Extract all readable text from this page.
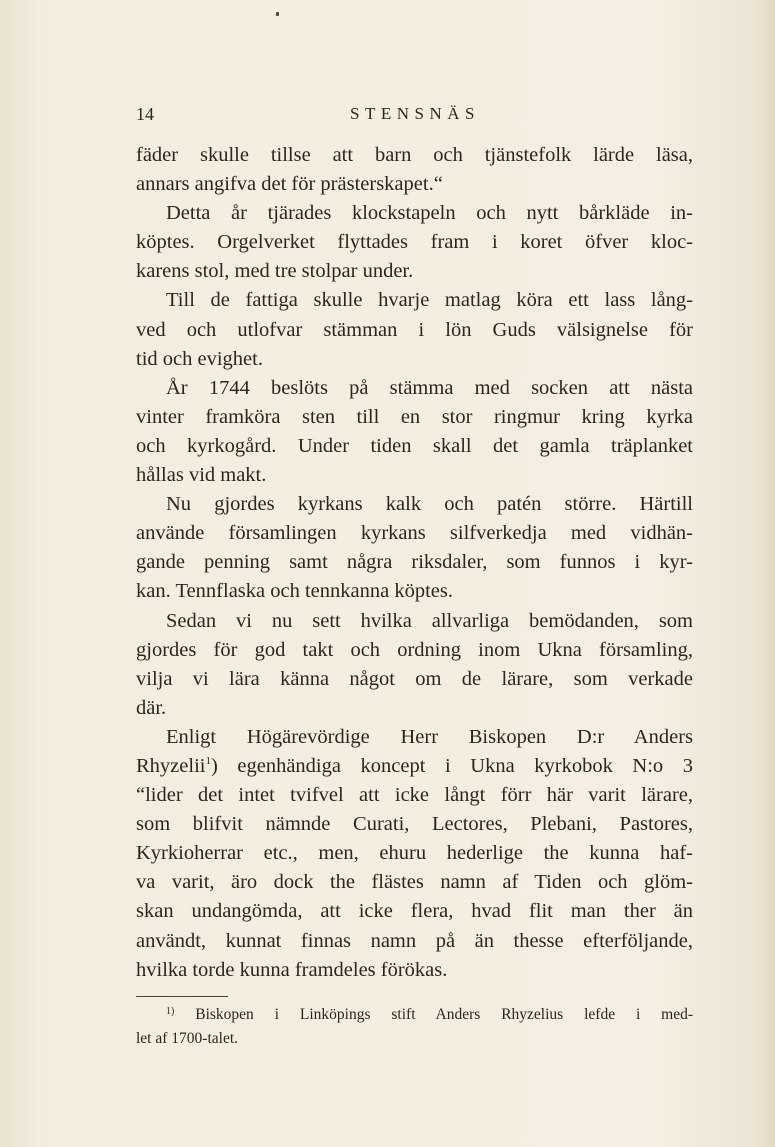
14	STENSNÄS

fäder skulle tillse att barn och tjänstefolk lärde läsa,
annars angifva det för prästerskapet.“

Detta år tjärades klockstapeln och nytt bårkläde in-
köptes. Orgelverket flyttades fram i koret öfver kloc-
karens stol, med tre stolpar under.

Till de fattiga skulle hvarje matlag köra ett lass lång-
ved och utlofvar stämman i lön Guds välsignelse för
tid och evighet.

År 1744 beslöts på stämma med socken att nästa
vinter framköra sten till en stor ringmur kring kyrka
och kyrkogård. Under tiden skall det gamla träplanket
hållas vid makt.

Nu gjordes kyrkans kalk och patén större. Härtill
använde församlingen kyrkans silfverkedja med vidhän-
gande penning samt några riksdaler, som funnos i kyr-
kan. Tennflaska och tennkanna köptes.

Sedan vi nu sett hvilka allvarliga bemödanden, som
gjordes för god takt och ordning inom Ukna församling,
vilja vi lära känna något om de lärare, som verkade
där.

Enligt Högärevördige Herr Biskopen D:r Anders
Rhyzelii$^1$) egenhändiga koncept i Ukna kyrkobok N:o 3
“lider det intet tvifvel att icke långt förr här varit lärare,
som blifvit nämnde Curati, Lectores, Plebani, Pastores,
Kyrkioherrar etc., men, ehuru hederlige the kunna haf-
va varit, äro dock the flästes namn af Tiden och glöm-
skan undangömda, att icke flera, hvad flit man ther än
användt, kunnat finnas namn på än thesse efterföljande,
hvilka torde kunna framdeles förökas.

$^{1)}$ Biskopen i Linköpings stift Anders Rhyzelius lefde i med-
let af 1700-talet.
